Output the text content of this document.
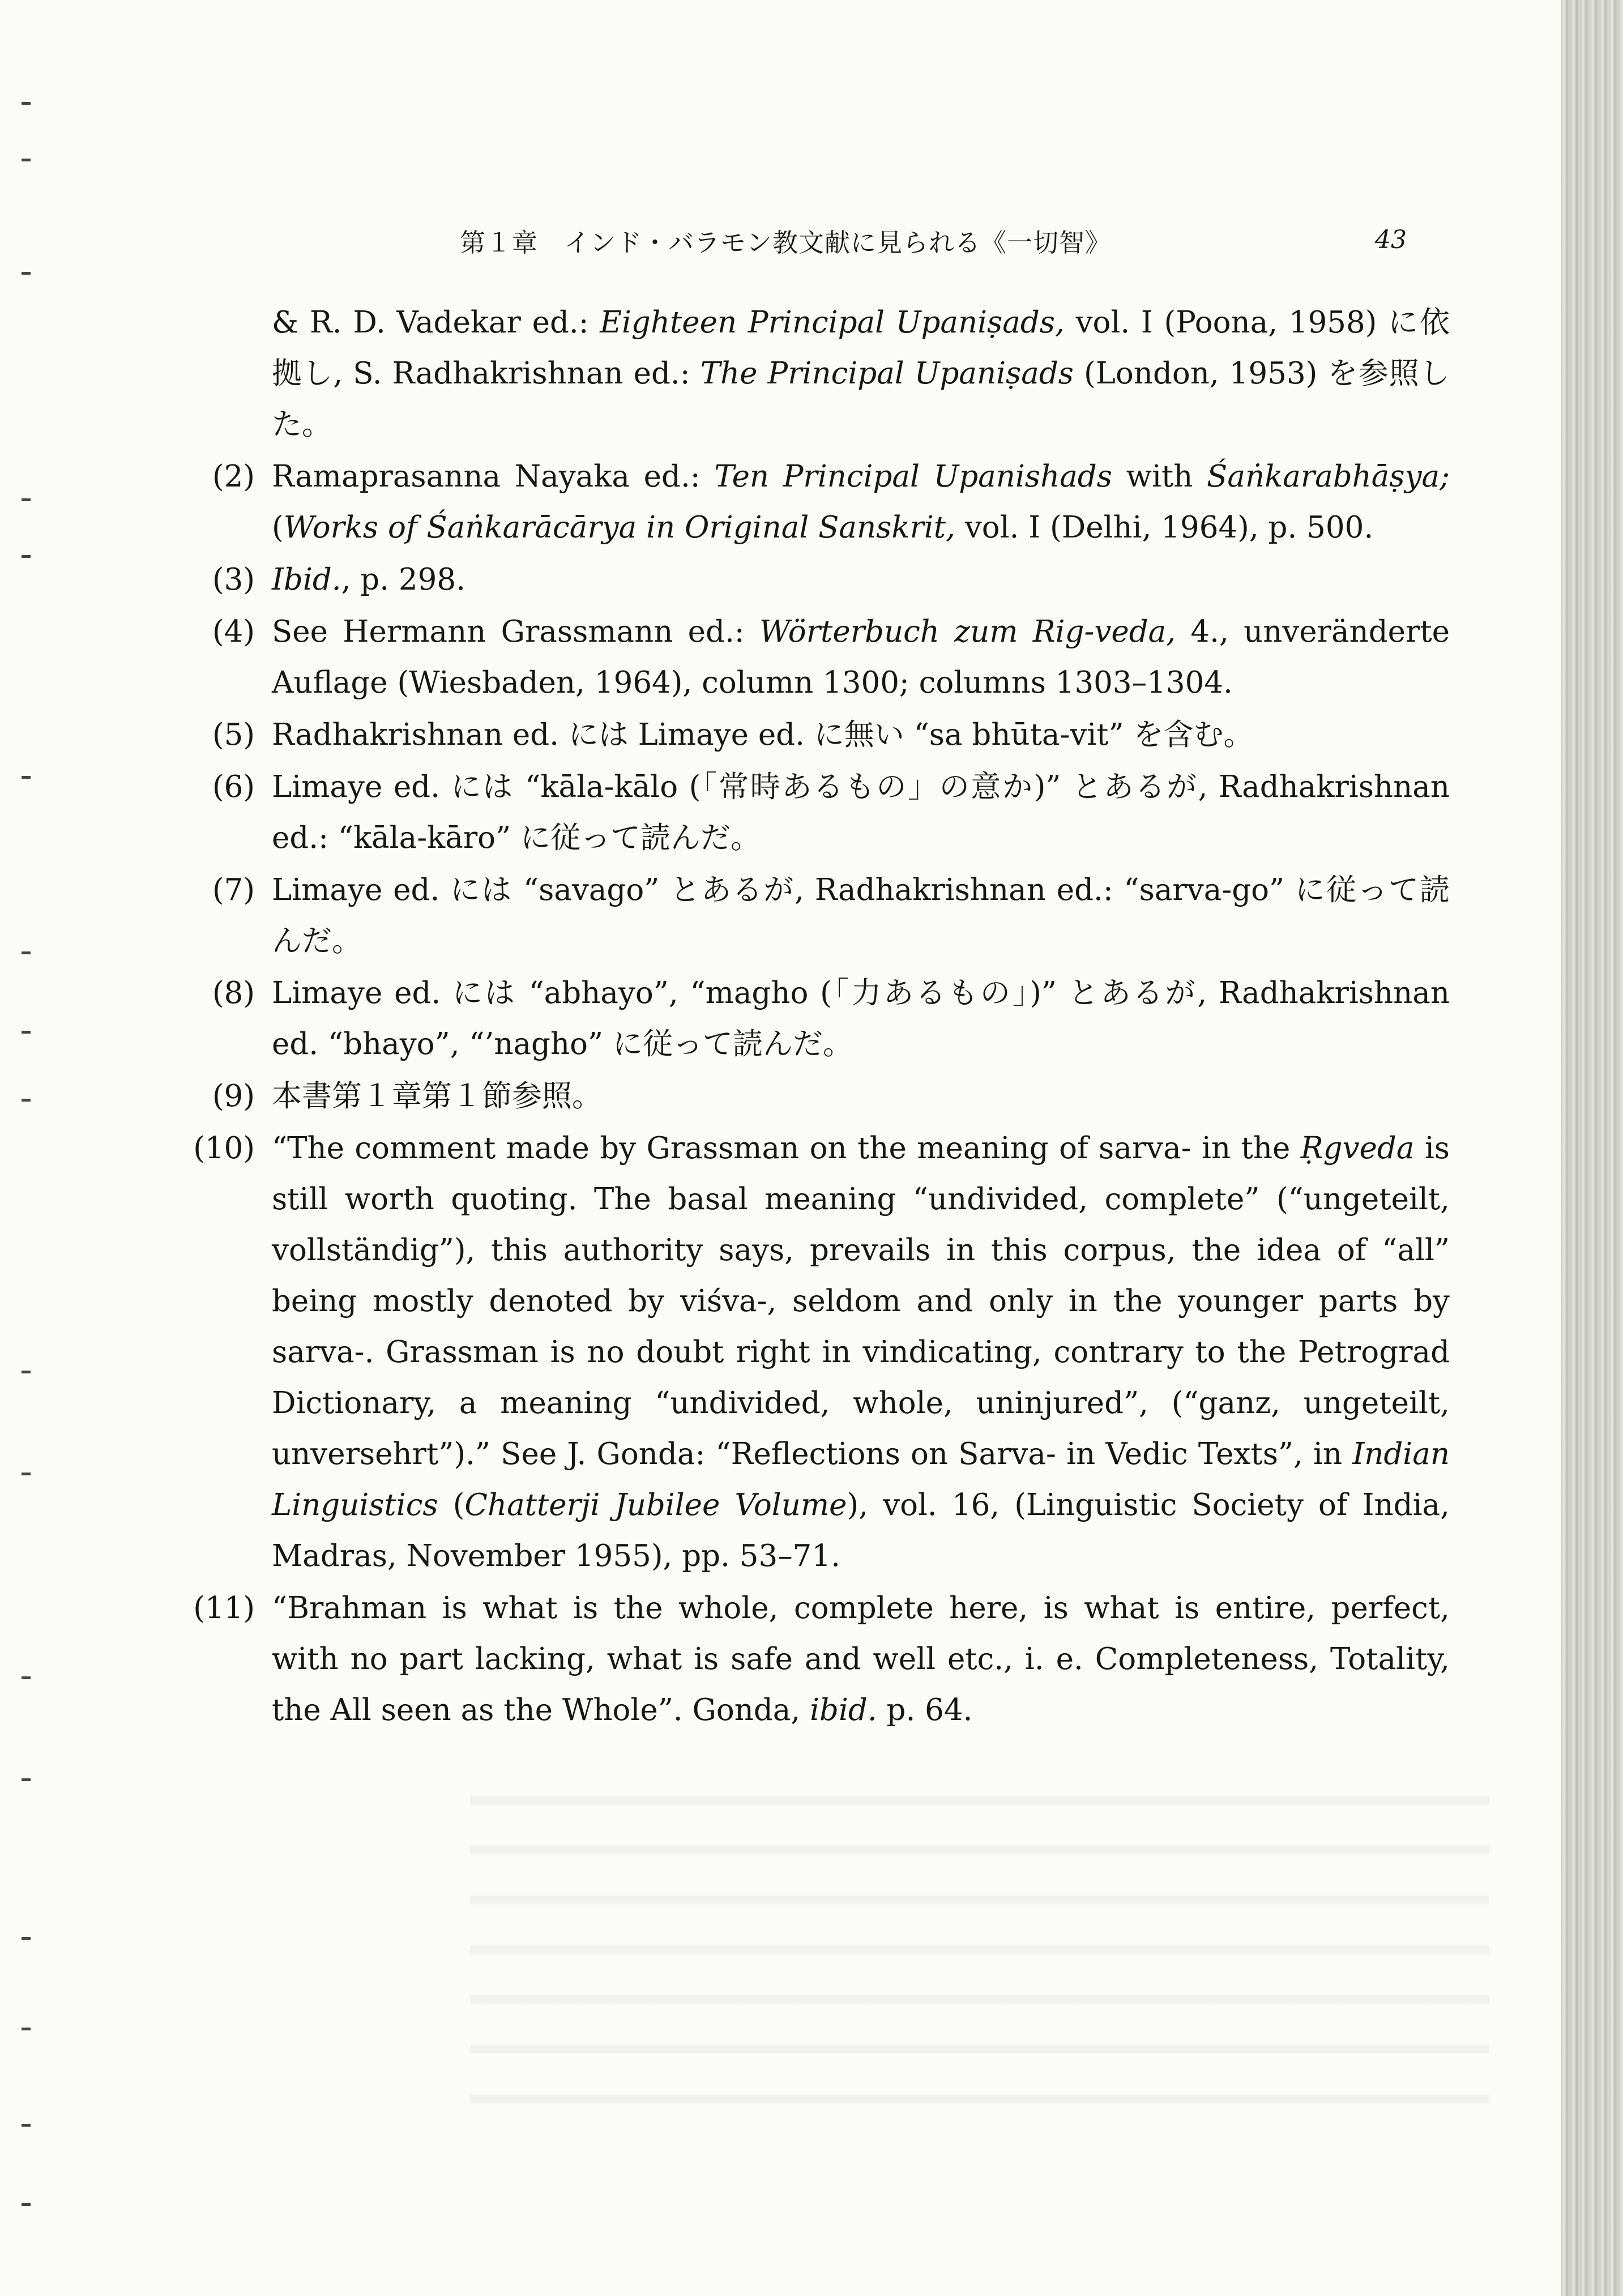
第１章　インド・バラモン教文献に見られる《一切智》	43
& R. D. Vadekar ed.: Eighteen Principal Upaniṣads, vol. I (Poona, 1958) に依拠し, S. Radhakrishnan ed.: The Principal Upaniṣads (London, 1953) を参照した。
(2) Ramaprasanna Nayaka ed.: Ten Principal Upanishads with Śaṅkarabhāṣya; (Works of Śaṅkarācārya in Original Sanskrit, vol. I (Delhi, 1964), p. 500.
(3) Ibid., p. 298.
(4) See Hermann Grassmann ed.: Wörterbuch zum Rig-veda, 4., unveränderte Auflage (Wiesbaden, 1964), column 1300; columns 1303–1304.
(5) Radhakrishnan ed. には Limaye ed. に無い “sa bhūta-vit” を含む。
(6) Limaye ed. には “kāla-kālo (「常時あるもの」の意か)” とあるが, Radhakrishnan ed.: “kāla-kāro” に従って読んだ。
(7) Limaye ed. には “savago” とあるが, Radhakrishnan ed.: “sarva-go” に従って読んだ。
(8) Limaye ed. には “abhayo”, “magho (「力あるもの」)” とあるが, Radhakrishnan ed. “bhayo”, “’nagho” に従って読んだ。
(9) 本書第１章第１節参照。
(10) “The comment made by Grassman on the meaning of sarva- in the Ṛgveda is still worth quoting. The basal meaning “undivided, complete” (“ungeteilt, vollständig”), this authority says, prevails in this corpus, the idea of “all” being mostly denoted by viśva-, seldom and only in the younger parts by sarva-. Grassman is no doubt right in vindicating, contrary to the Petrograd Dictionary, a meaning “undivided, whole, uninjured”, (“ganz, ungeteilt, unversehrt”).” See J. Gonda: “Reflections on Sarva- in Vedic Texts”, in Indian Linguistics (Chatterji Jubilee Volume), vol. 16, (Linguistic Society of India, Madras, November 1955), pp. 53–71.
(11) “Brahman is what is the whole, complete here, is what is entire, perfect, with no part lacking, what is safe and well etc., i. e. Completeness, Totality, the All seen as the Whole”. Gonda, ibid. p. 64.
